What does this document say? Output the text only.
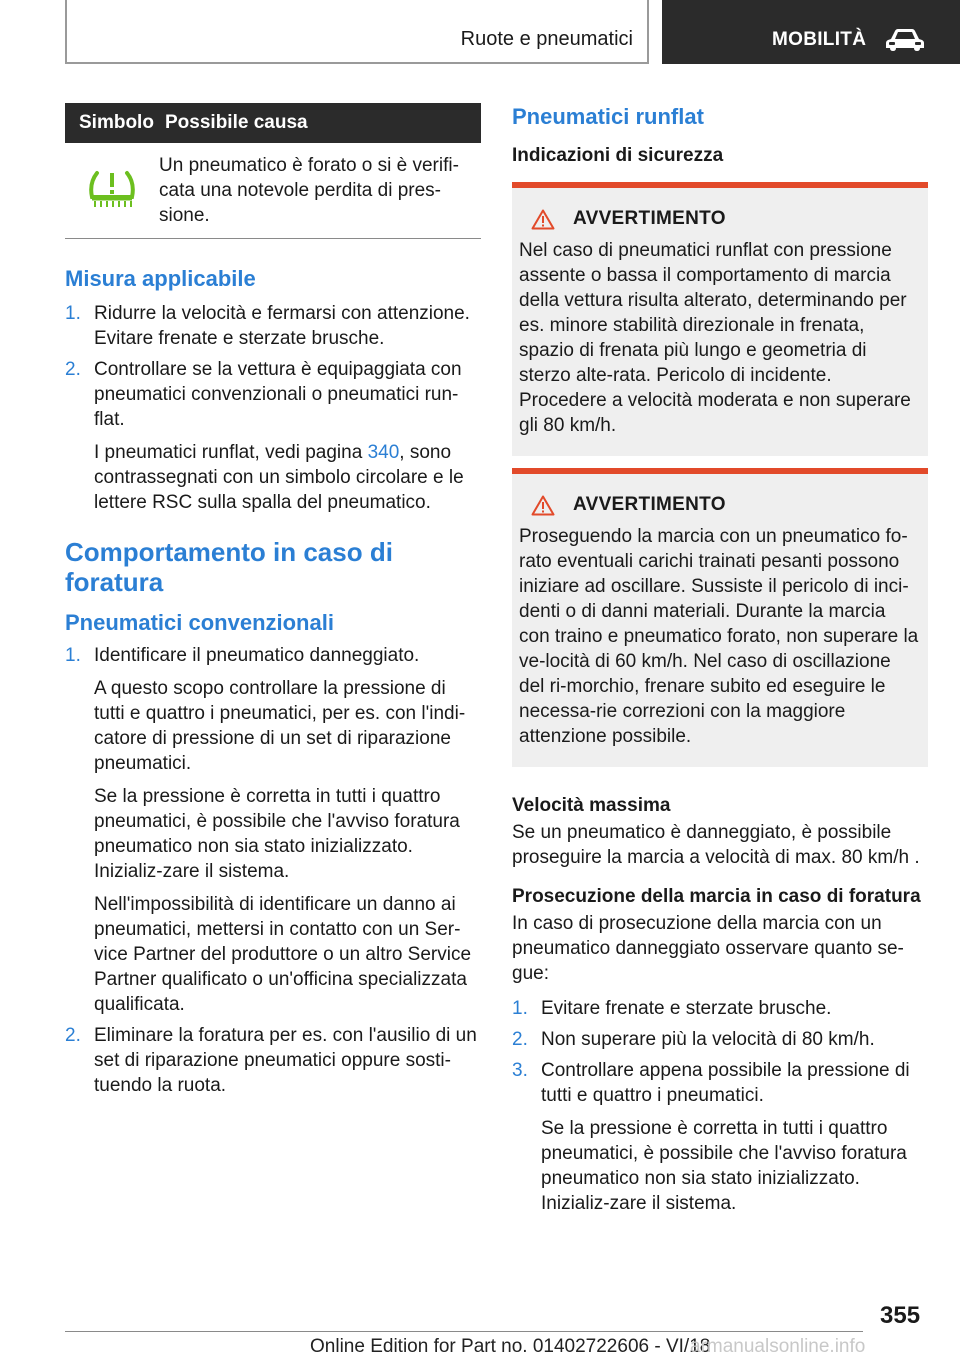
Ruote e pneumatici	MOBILITÀ
Simbolo Possibile causa
Un pneumatico è forato o si è verifi-cata una notevole perdita di pres-sione.
Misura applicabile
1. Ridurre la velocità e fermarsi con attenzione. Evitare frenate e sterzate brusche.
2. Controllare se la vettura è equipaggiata con pneumatici convenzionali o pneumatici run-flat.

I pneumatici runflat, vedi pagina 340, sono contrassegnati con un simbolo circolare e le lettere RSC sulla spalla del pneumatico.

Comportamento in caso di foratura
Pneumatici convenzionali
1. Identificare il pneumatico danneggiato.

A questo scopo controllare la pressione di tutti e quattro i pneumatici, per es. con l'indi-catore di pressione di un set di riparazione pneumatici.

Se la pressione è corretta in tutti i quattro pneumatici, è possibile che l'avviso foratura pneumatico non sia stato inizializzato. Inizializ-zare il sistema.

Nell'impossibilità di identificare un danno ai pneumatici, mettersi in contatto con un Ser-vice Partner del produttore o un altro Service Partner qualificato o un'officina specializzata qualificata.

2. Eliminare la foratura per es. con l'ausilio di un set di riparazione pneumatici oppure sosti-tuendo la ruota.
Pneumatici runflat
Indicazioni di sicurezza
AVVERTIMENTO
Nel caso di pneumatici runflat con pressione assente o bassa il comportamento di marcia della vettura risulta alterato, determinando per es. minore stabilità direzionale in frenata, spazio di frenata più lungo e geometria di sterzo alte-rata. Pericolo di incidente. Procedere a velocità moderata e non superare gli 80 km/h.
AVVERTIMENTO
Proseguendo la marcia con un pneumatico fo-rato eventuali carichi trainati pesanti possono iniziare ad oscillare. Sussiste il pericolo di inci-denti o di danni materiali. Durante la marcia con traino e pneumatico forato, non superare la ve-locità di 60 km/h. Nel caso di oscillazione del ri-morchio, frenare subito ed eseguire le necessa-rie correzioni con la maggiore attenzione possibile.
Velocità massima
Se un pneumatico è danneggiato, è possibile proseguire la marcia a velocità di max. 80 km/h .
Prosecuzione della marcia in caso di foratura
In caso di prosecuzione della marcia con un pneumatico danneggiato osservare quanto se-gue:
1. Evitare frenate e sterzate brusche.
2. Non superare più la velocità di 80 km/h.
3. Controllare appena possibile la pressione di tutti e quattro i pneumatici.

Se la pressione è corretta in tutti i quattro pneumatici, è possibile che l'avviso foratura pneumatico non sia stato inizializzato. Inizializ-zare il sistema.

355
Online Edition for Part no. 01402722606 - VI/18
armanualsonline.info
